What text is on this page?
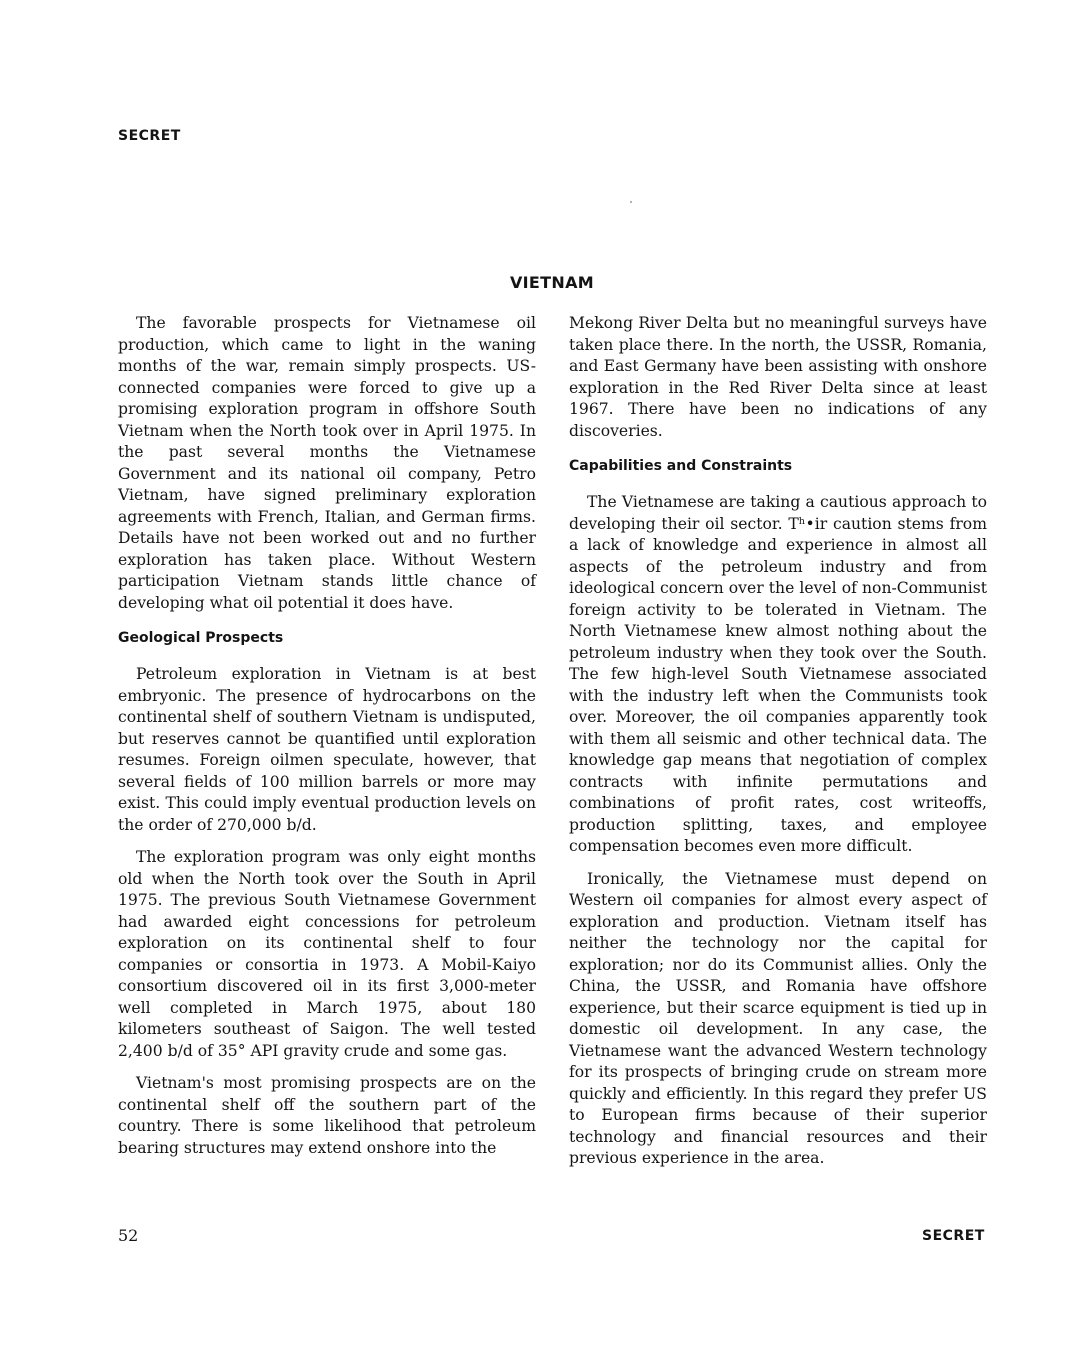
SECRET
VIETNAM

The favorable prospects for Vietnamese oil production, which came to light in the waning months of the war, remain simply prospects. US-connected companies were forced to give up a promising exploration program in offshore South Vietnam when the North took over in April 1975. In the past several months the Vietnamese Government and its national oil company, Petro Vietnam, have signed preliminary exploration agreements with French, Italian, and German firms. Details have not been worked out and no further exploration has taken place. Without Western participation Vietnam stands little chance of developing what oil potential it does have.

Geological Prospects

Petroleum exploration in Vietnam is at best embryonic. The presence of hydrocarbons on the continental shelf of southern Vietnam is undisputed, but reserves cannot be quantified until exploration resumes. Foreign oilmen speculate, however, that several fields of 100 million barrels or more may exist. This could imply eventual production levels on the order of 270,000 b/d.

The exploration program was only eight months old when the North took over the South in April 1975. The previous South Vietnamese Government had awarded eight concessions for petroleum exploration on its continental shelf to four companies or consortia in 1973. A Mobil-Kaiyo consortium discovered oil in its first 3,000-meter well completed in March 1975, about 180 kilometers southeast of Saigon. The well tested 2,400 b/d of 35° API gravity crude and some gas.

Vietnam's most promising prospects are on the continental shelf off the southern part of the country. There is some likelihood that petroleum bearing structures may extend onshore into the

Mekong River Delta but no meaningful surveys have taken place there. In the north, the USSR, Romania, and East Germany have been assisting with onshore exploration in the Red River Delta since at least 1967. There have been no indications of any discoveries.

Capabilities and Constraints

The Vietnamese are taking a cautious approach to developing their oil sector. Tʰ•ir caution stems from a lack of knowledge and experience in almost all aspects of the petroleum industry and from ideological concern over the level of non-Communist foreign activity to be tolerated in Vietnam. The North Vietnamese knew almost nothing about the petroleum industry when they took over the South. The few high-level South Vietnamese associated with the industry left when the Communists took over. Moreover, the oil companies apparently took with them all seismic and other technical data. The knowledge gap means that negotiation of complex contracts with infinite permutations and combinations of profit rates, cost writeoffs, production splitting, taxes, and employee compensation becomes even more difficult.

Ironically, the Vietnamese must depend on Western oil companies for almost every aspect of exploration and production. Vietnam itself has neither the technology nor the capital for exploration; nor do its Communist allies. Only the China, the USSR, and Romania have offshore experience, but their scarce equipment is tied up in domestic oil development. In any case, the Vietnamese want the advanced Western technology for its prospects of bringing crude on stream more quickly and efficiently. In this regard they prefer US to European firms because of their superior technology and financial resources and their previous experience in the area.

52	SECRET
